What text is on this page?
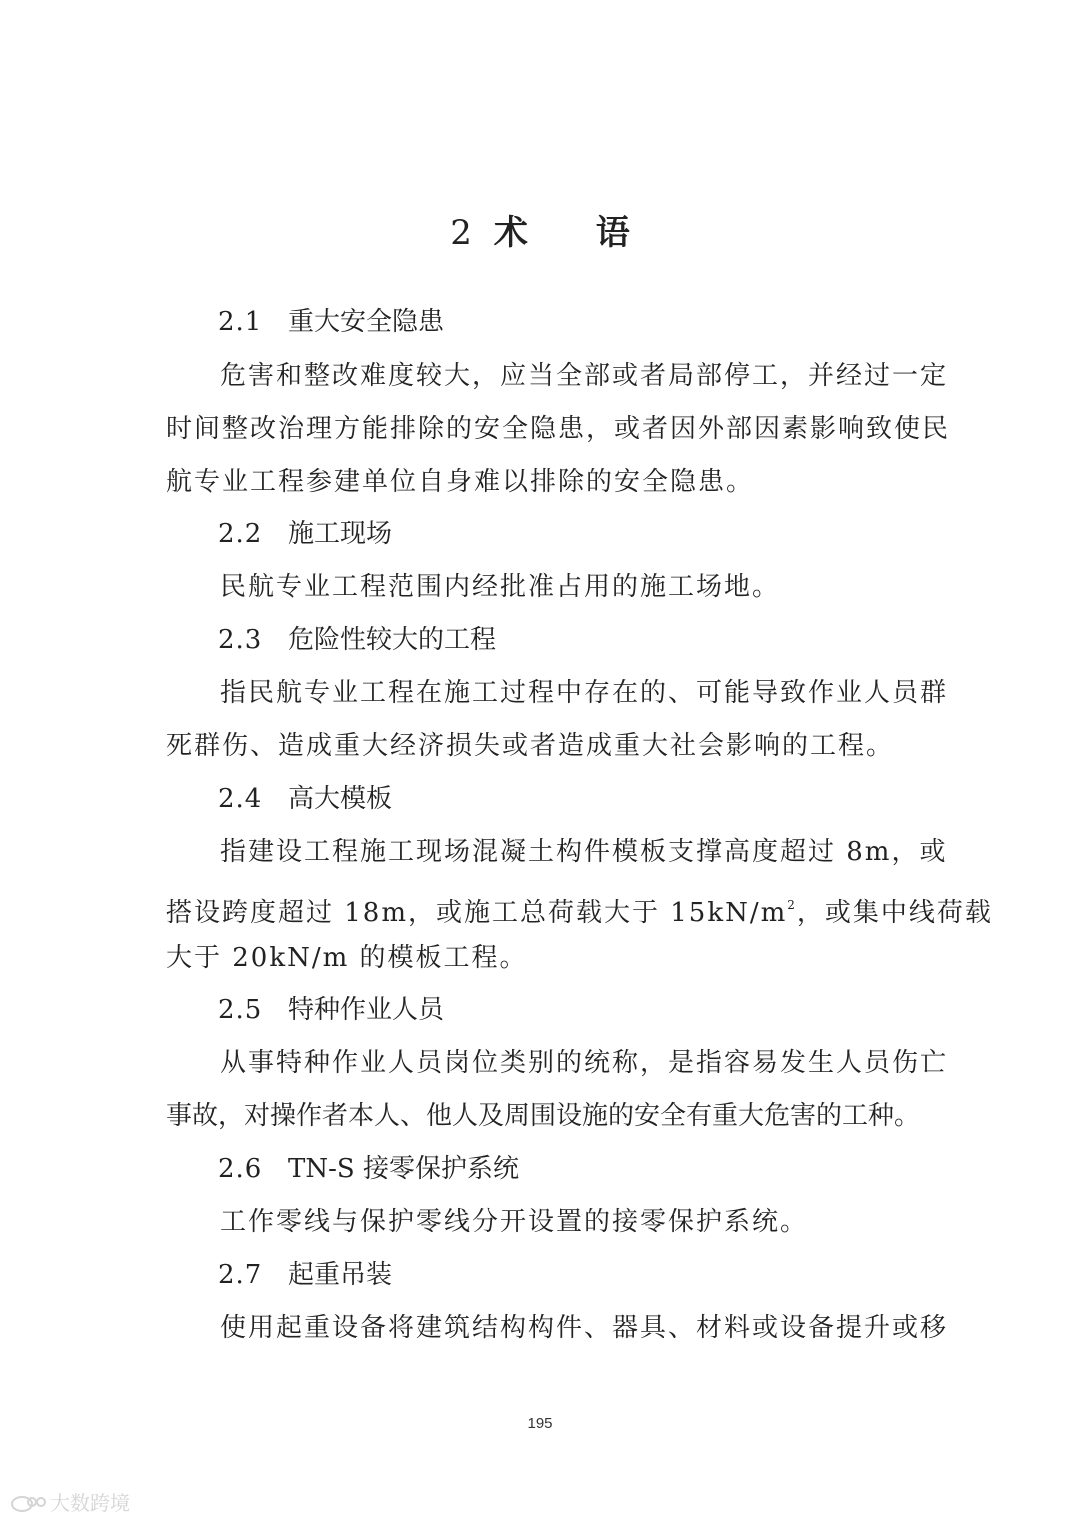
2 术 语
2.1 重大安全隐患
危害和整改难度较大，应当全部或者局部停工，并经过一定
时间整改治理方能排除的安全隐患，或者因外部因素影响致使民
航专业工程参建单位自身难以排除的安全隐患。
2.2 施工现场
民航专业工程范围内经批准占用的施工场地。
2.3 危险性较大的工程
指民航专业工程在施工过程中存在的、可能导致作业人员群
死群伤、造成重大经济损失或者造成重大社会影响的工程。
2.4 高大模板
指建设工程施工现场混凝土构件模板支撑高度超过 8m，或
搭设跨度超过 18m，或施工总荷载大于 $15kN/m^2$，或集中线荷载
大于 20kN/m 的模板工程。
2.5 特种作业人员
从事特种作业人员岗位类别的统称，是指容易发生人员伤亡
事故，对操作者本人、他人及周围设施的安全有重大危害的工种。
2.6 TN-S 接零保护系统
工作零线与保护零线分开设置的接零保护系统。
2.7 起重吊装
使用起重设备将建筑结构构件、器具、材料或设备提升或移
195
大数跨境
